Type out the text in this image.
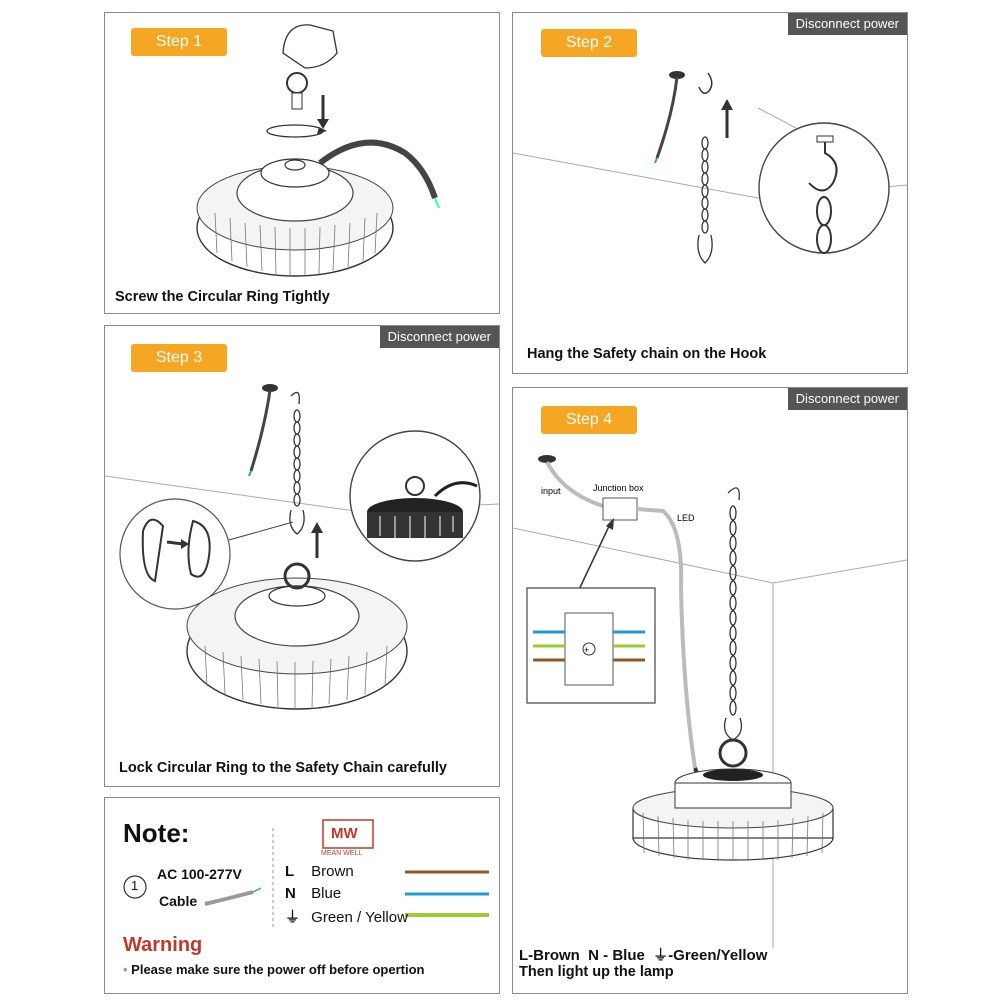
Step 1
Screw the Circular Ring Tightly
Step 2
Disconnect power
Hang the Safety chain on the Hook
Step 3
Disconnect power
Lock Circular Ring to the Safety Chain carefully
Step 4
Disconnect power
input	Junction box
LED
+
L-Brown  N - Blue  ⏚-Green/Yellow
Then light up the lamp
Note:	MW
1
AC 100-277V
Cable
MEAN WELL
L Brown
N Blue
⏚ Green / Yellow
Warning
• Please make sure the power off before opertion
